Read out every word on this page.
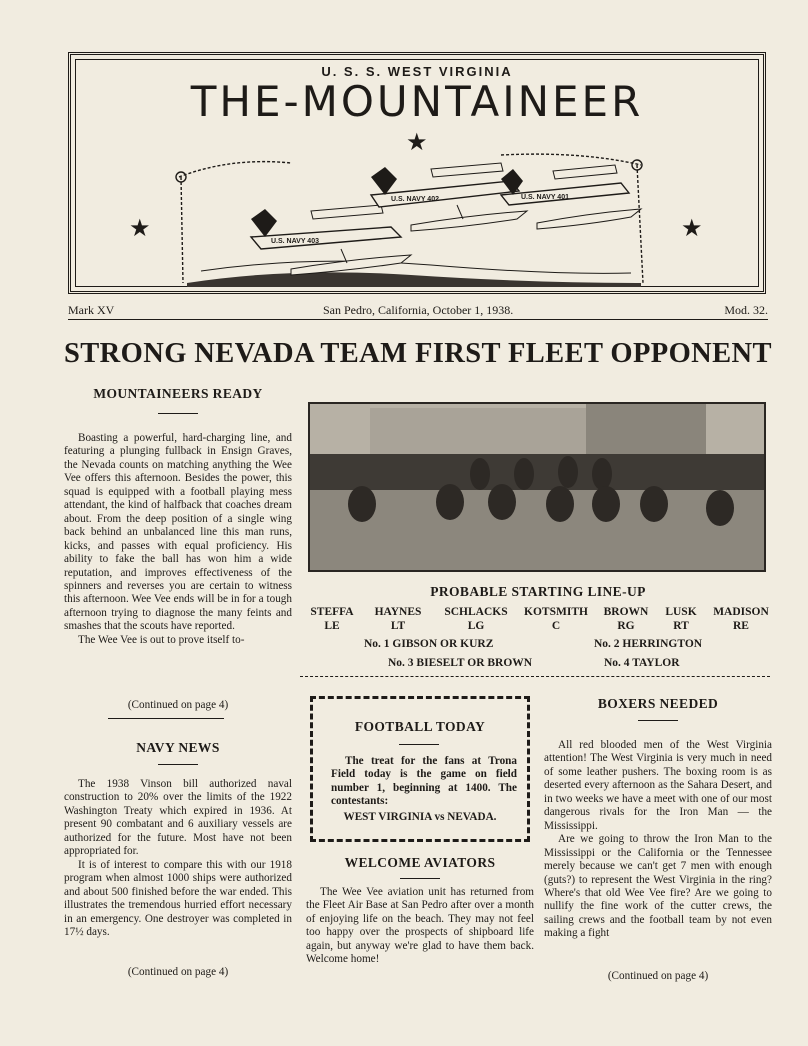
U. S. S. WEST VIRGINIA
THE-MOUNTAINEER
★
★	★
U.S. NAVY 403
U.S. NAVY 402	U.S. NAVY 401
Mark XV	San Pedro, California, October 1, 1938.	Mod. 32.
STRONG NEVADA TEAM FIRST FLEET OPPONENT
MOUNTAINEERS READY

Boasting a powerful, hard-charging line, and featuring a plunging fullback in Ensign Graves, the Nevada counts on matching anything the Wee Vee offers this afternoon. Besides the power, this squad is equipped with a football playing mess attendant, the kind of halfback that coaches dream about. From the deep position of a single wing back behind an unbalanced line this man runs, kicks, and passes with equal proficiency. His ability to fake the ball has won him a wide reputation, and improves effectiveness of the spinners and reverses you are certain to witness this afternoon. Wee Vee ends will be in for a tough afternoon trying to diagnose the many feints and smashes that the scouts have reported.

The Wee Vee is out to prove itself to-

(Continued on page 4)
NAVY NEWS

The 1938 Vinson bill authorized naval construction to 20% over the limits of the 1922 Washington Treaty which expired in 1936. At present 90 combatant and 6 auxiliary vessels are authorized for the future. Most have not been appropriated for.

It is of interest to compare this with our 1918 program when almost 1000 ships were authorized and about 500 finished before the war ended. This illustrates the tremendous hurried effort necessary in an emergency. One destroyer was completed in 17½ days.

(Continued on page 4)
PROBABLE STARTING LINE-UP
STEFFA	HAYNES	SCHLACKS	KOTSMITH	BROWN	LUSK	MADISON
LE	LT	LG	C	RG	RT	RE
No. 1 GIBSON OR KURZ	No. 2 HERRINGTON
No. 3 BIESELT OR BROWN	No. 4 TAYLOR
FOOTBALL TODAY

The treat for the fans at Trona Field today is the game on field number 1, beginning at 1400. The contestants:

WEST VIRGINIA vs NEVADA.
WELCOME AVIATORS

The Wee Vee aviation unit has returned from the Fleet Air Base at San Pedro after over a month of enjoying life on the beach. They may not feel too happy over the prospects of shipboard life again, but anyway we're glad to have them back. Welcome home!

BOXERS NEEDED

All red blooded men of the West Virginia attention! The West Virginia is very much in need of some leather pushers. The boxing room is as deserted every afternoon as the Sahara Desert, and in two weeks we have a meet with one of our most dangerous rivals for the Iron Man — the Mississippi.

Are we going to throw the Iron Man to the Mississippi or the California or the Tennessee merely because we can't get 7 men with enough (guts?) to represent the West Virginia in the ring? Where's that old Wee Vee fire? Are we going to nullify the fine work of the cutter crews, the sailing crews and the football team by not even making a fight

(Continued on page 4)
